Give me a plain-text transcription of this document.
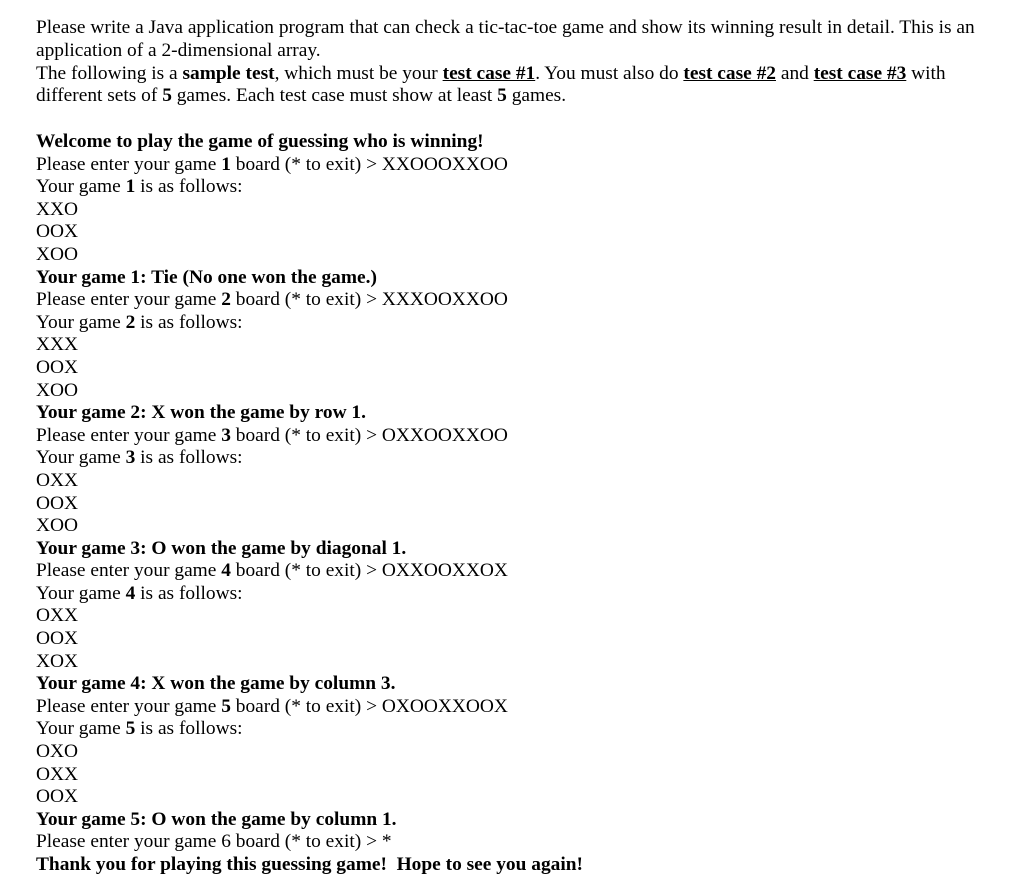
Please write a Java application program that can check a tic-tac-toe game and show its winning result in detail. This is an application of a 2-dimensional array.

The following is a sample test, which must be your test case #1. You must also do test case #2 and test case #3 with different sets of 5 games. Each test case must show at least 5 games.

Welcome to play the game of guessing who is winning!
Please enter your game 1 board (* to exit) > XXOOOXXOO
Your game 1 is as follows:
XXO
OOX
XOO
Your game 1: Tie (No one won the game.)
Please enter your game 2 board (* to exit) > XXXOOXXOO
Your game 2 is as follows:
XXX
OOX
XOO
Your game 2: X won the game by row 1.
Please enter your game 3 board (* to exit) > OXXOOXXOO
Your game 3 is as follows:
OXX
OOX
XOO
Your game 3: O won the game by diagonal 1.
Please enter your game 4 board (* to exit) > OXXOOXXOX
Your game 4 is as follows:
OXX
OOX
XOX
Your game 4: X won the game by column 3.
Please enter your game 5 board (* to exit) > OXOOXXOOX
Your game 5 is as follows:
OXO
OXX
OOX
Your game 5: O won the game by column 1.
Please enter your game 6 board (* to exit) > *
Thank you for playing this guessing game!  Hope to see you again!
